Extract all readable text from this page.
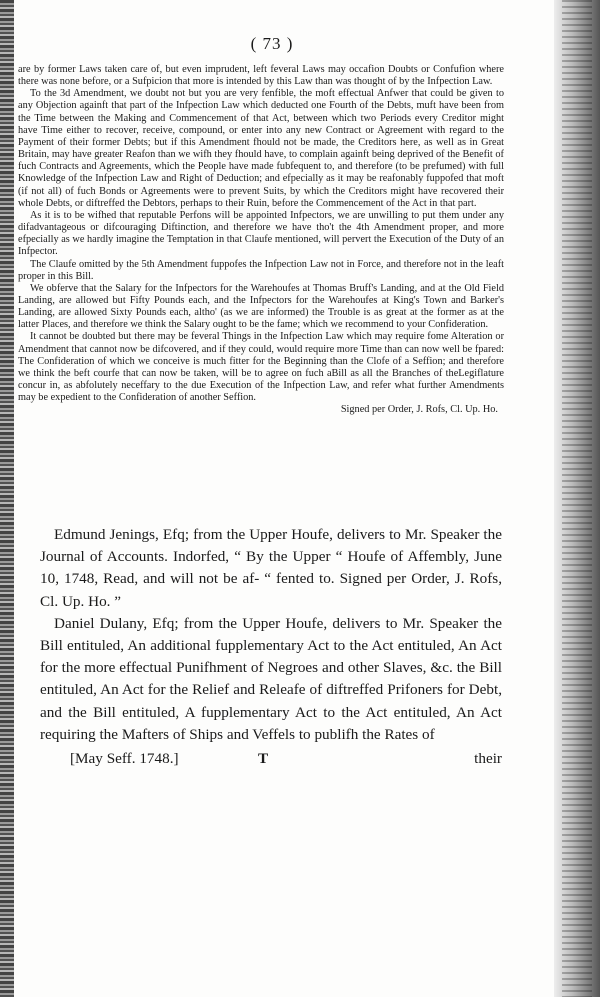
( 73 )

are by former Laws taken care of, but even imprudent, left feveral Laws may occafion Doubts or Confufion where there was none before, or a Sufpicion that more is intended by this Law than was thought of by the Infpection Law.

To the 3d Amendment, we doubt not but you are very fenfible, the moft effectual Anfwer that could be given to any Objection againft that part of the Infpection Law which deducted one Fourth of the Debts, muft have been from the Time between the Making and Commencement of that Act, between which two Periods every Creditor might have Time either to recover, receive, compound, or enter into any new Contract or Agreement with regard to the Payment of their former Debts; but if this Amendment fhould not be made, the Creditors here, as well as in Great Britain, may have greater Reafon than we wifh they fhould have, to complain againft being deprived of the Benefit of fuch Contracts and Agreements, which the People have made fubfequent to, and therefore (to be prefumed) with full Knowledge of the Infpection Law and Right of Deduction; and efpecially as it may be reafonably fuppofed that moft (if not all) of fuch Bonds or Agreements were to prevent Suits, by which the Creditors might have recovered their whole Debts, or diftreffed the Debtors, perhaps to their Ruin, before the Commencement of the Act in that part.

As it is to be wifhed that reputable Perfons will be appointed Infpectors, we are unwilling to put them under any difadvantageous or difcouraging Diftinction, and therefore we have tho't the 4th Amendment proper, and more efpecially as we hardly imagine the Temptation in that Claufe mentioned, will pervert the Execution of the Duty of an Infpector.

The Claufe omitted by the 5th Amendment fuppofes the Infpection Law not in Force, and therefore not in the leaft proper in this Bill.

We obferve that the Salary for the Infpectors for the Warehoufes at Thomas Bruff's Landing, and at the Old Field Landing, are allowed but Fifty Pounds each, and the Infpectors for the Warehoufes at King's Town and Barker's Landing, are allowed Sixty Pounds each, altho' (as we are informed) the Trouble is as great at the former as at the latter Places, and therefore we think the Salary ought to be the fame; which we recommend to your Confideration.

It cannot be doubted but there may be feveral Things in the Infpection Law which may require fome Alteration or Amendment that cannot now be difcovered, and if they could, would require more Time than can now well be fpared: The Confideration of which we conceive is much fitter for the Beginning than the Clofe of a Seffion; and therefore we think the beft courfe that can now be taken, will be to agree on fuch aBill as all the Branches of theLegiflature concur in, as abfolutely neceffary to the due Execution of the Infpection Law, and refer what further Amendments may be expedient to the Confideration of another Seffion.

Signed per Order, J. Rofs, Cl. Up. Ho.

Edmund Jenings, Efq; from the Upper Houfe, delivers to Mr. Speaker the Journal of Accounts. Indorfed, “ By the Upper “ Houfe of Affembly, June 10, 1748, Read, and will not be af- “ fented to. Signed per Order, J. Rofs, Cl. Up. Ho. ”

Daniel Dulany, Efq; from the Upper Houfe, delivers to Mr. Speaker the Bill entituled, An additional fupplementary Act to the Act entituled, An Act for the more effectual Punifhment of Negroes and other Slaves, &c. the Bill entituled, An Act for the Relief and Releafe of diftreffed Prifoners for Debt, and the Bill entituled, A fupplementary Act to the Act entituled, An Act requiring the Mafters of Ships and Veffels to publifh the Rates of

[May Seff. 1748.]	T	their
